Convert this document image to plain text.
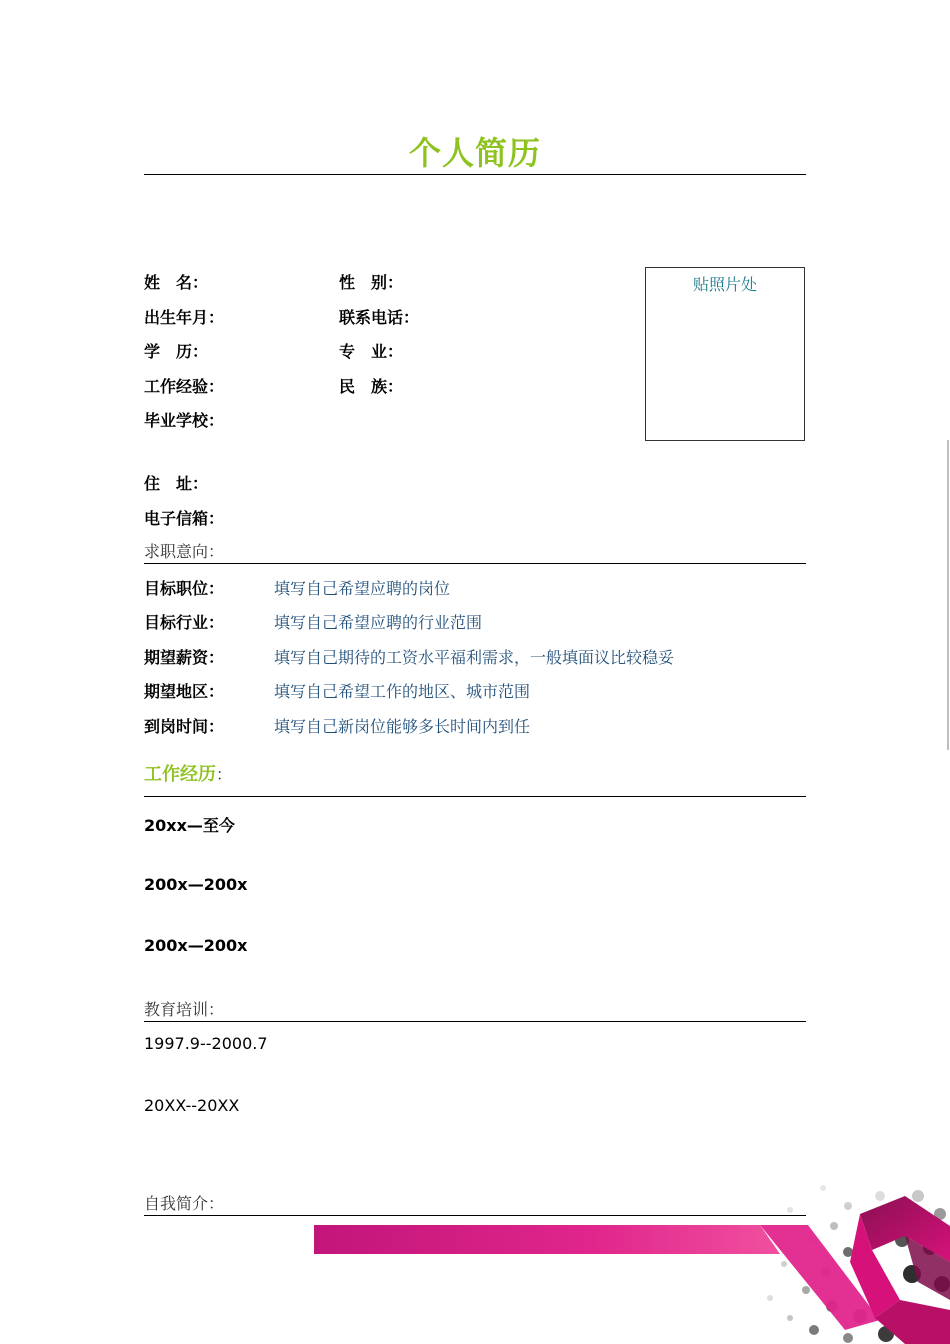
个人简历
姓　名：	性　别：
出生年月：	联系电话：
学　历：	专　业：
工作经验：	民　族：
毕业学校：
贴照片处
住　址：
电子信箱：
求职意向：
目标职位：	填写自己希望应聘的岗位
目标行业：	填写自己希望应聘的行业范围
期望薪资：	填写自己期待的工资水平福利需求，一般填面议比较稳妥
期望地区：	填写自己希望工作的地区、城市范围
到岗时间：	填写自己新岗位能够多长时间内到任
工作经历：
20xx—至今
200x—200x
200x—200x
教育培训：
1997.9--2000.7
20XX--20XX
自我简介：
